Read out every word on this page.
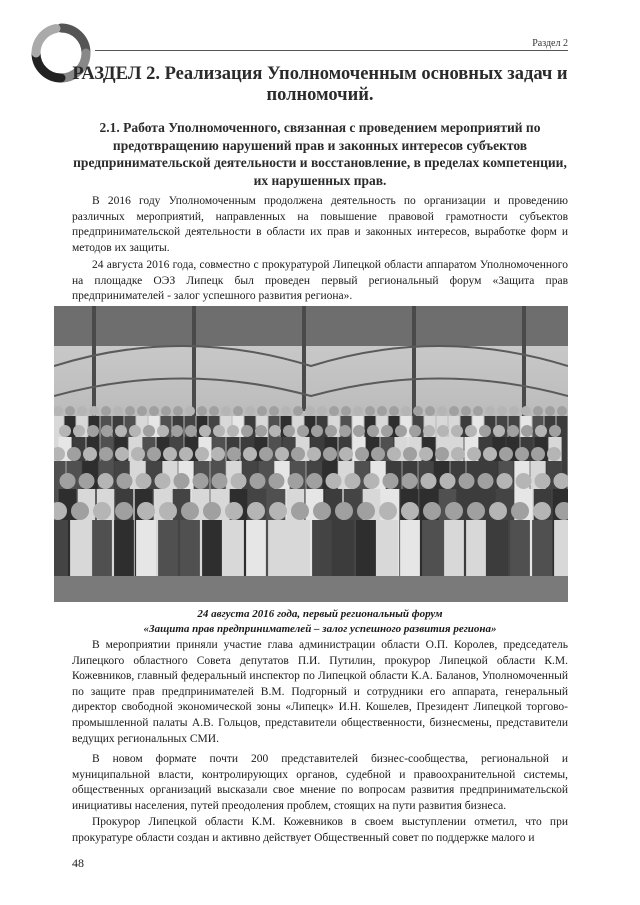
Раздел 2
РАЗДЕЛ 2. Реализация Уполномоченным основных задач и полномочий.
2.1. Работа Уполномоченного, связанная с проведением мероприятий по предотвращению нарушений прав и законных интересов субъектов предпринимательской деятельности и восстановление, в пределах компетенции, их нарушенных прав.

В 2016 году Уполномоченным продолжена деятельность по организации и проведению различных мероприятий, направленных на повышение правовой грамотности субъектов предпринимательской деятельности в области их прав и законных интересов, выработке форм и методов их защиты.

24 августа 2016 года, совместно с прокуратурой Липецкой области аппаратом Уполномоченного на площадке ОЭЗ Липецк был проведен первый региональный форум «Защита прав предпринимателей - залог успешного развития региона».

24 августа 2016 года, первый региональный форум
«Защита прав предпринимателей – залог успешного развития региона»

В мероприятии приняли участие глава администрации области О.П. Королев, председатель Липецкого областного Совета депутатов П.И. Путилин, прокурор Липецкой области К.М. Кожевников, главный федеральный инспектор по Липецкой области К.А. Баланов, Уполномоченный по защите прав предпринимателей В.М. Подгорный и сотрудники его аппарата, генеральный директор свободной экономической зоны «Липецк» И.Н. Кошелев, Президент Липецкой торгово-промышленной палаты А.В. Гольцов, представители общественности, бизнесмены, представители ведущих региональных СМИ.

В новом формате почти 200 представителей бизнес-сообщества, региональной и муниципальной власти, контролирующих органов, судебной и правоохранительной системы, общественных организаций высказали свое мнение по вопросам развития предпринимательской инициативы населения, путей преодоления проблем, стоящих на пути развития бизнеса.

Прокурор Липецкой области К.М. Кожевников в своем выступлении отметил, что при прокуратуре области создан и активно действует Общественный совет по поддержке малого и

48
